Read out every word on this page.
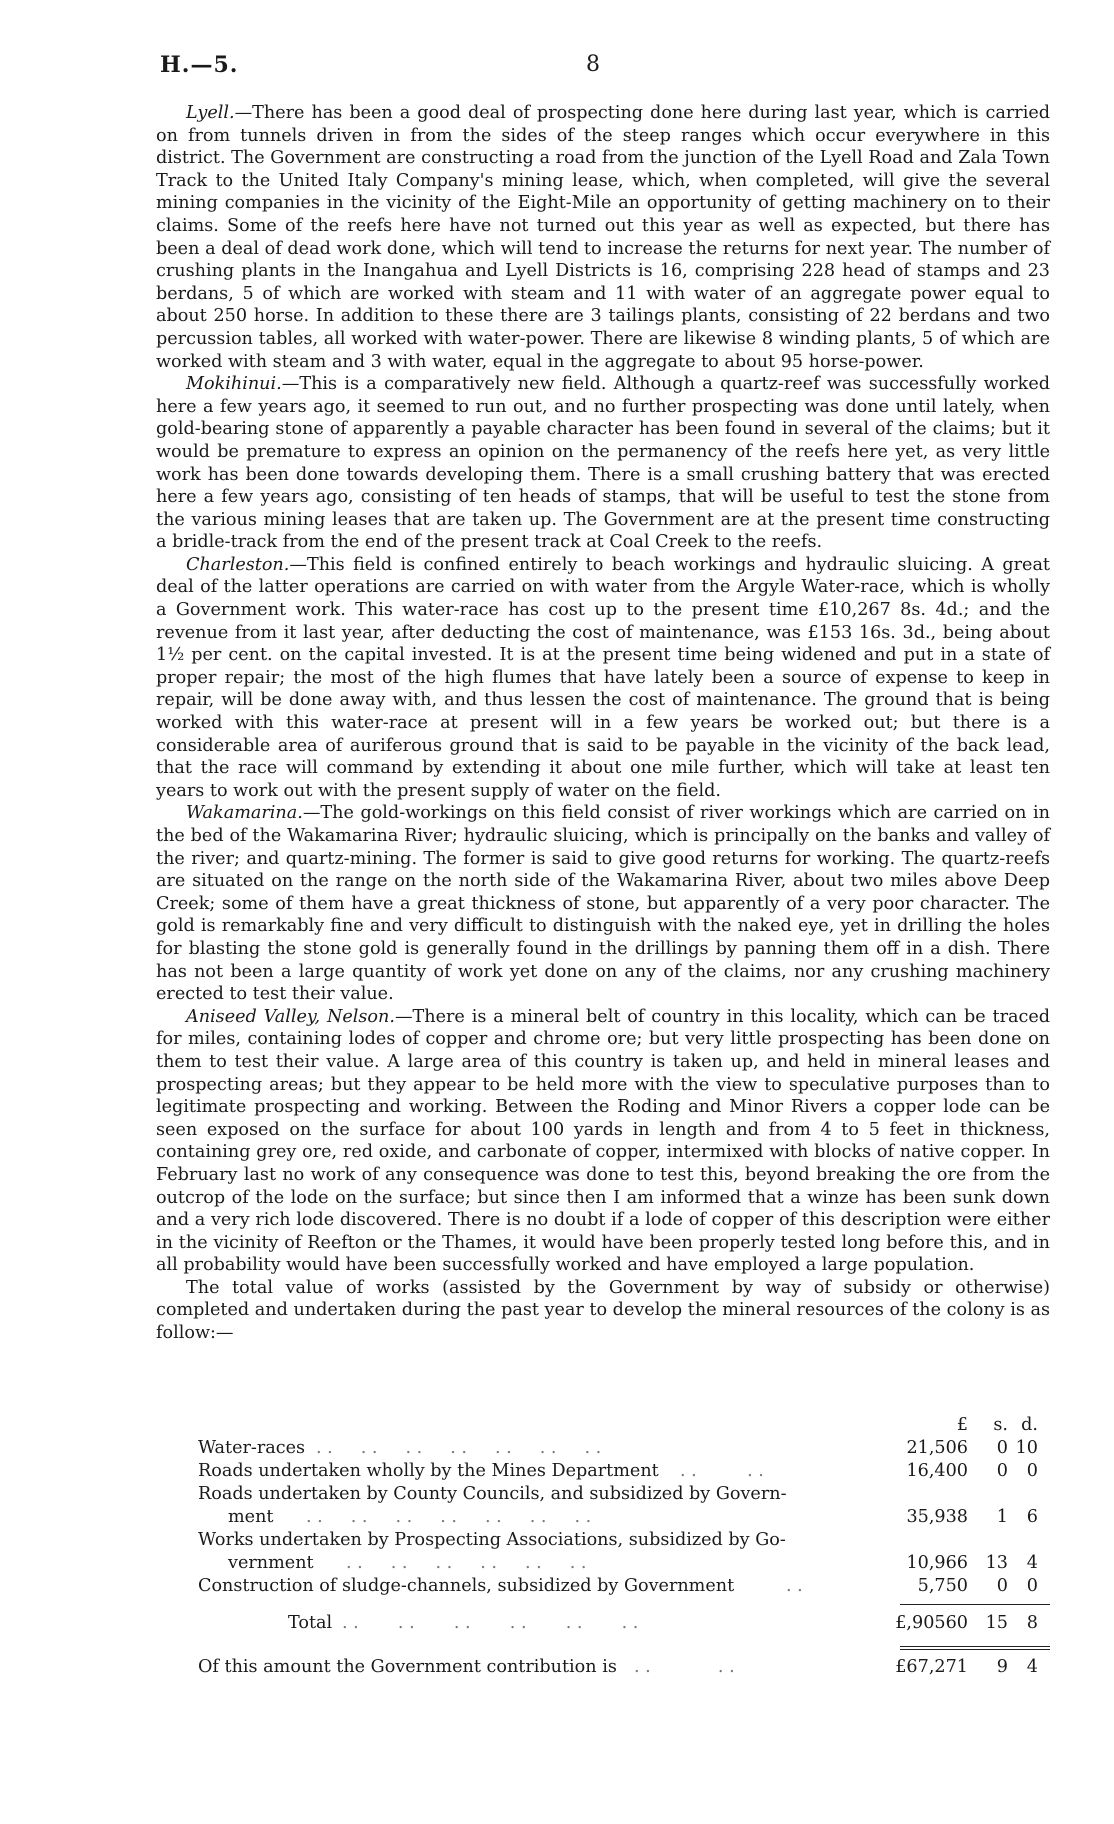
H.—5.	8

Lyell.—There has been a good deal of prospecting done here during last year, which is carried on from tunnels driven in from the sides of the steep ranges which occur everywhere in this district. The Government are constructing a road from the junction of the Lyell Road and Zala Town Track to the United Italy Company's mining lease, which, when completed, will give the several mining companies in the vicinity of the Eight-Mile an opportunity of getting machinery on to their claims. Some of the reefs here have not turned out this year as well as expected, but there has been a deal of dead work done, which will tend to increase the returns for next year. The number of crushing plants in the Inangahua and Lyell Districts is 16, comprising 228 head of stamps and 23 berdans, 5 of which are worked with steam and 11 with water of an aggregate power equal to about 250 horse. In addition to these there are 3 tailings plants, consisting of 22 berdans and two percussion tables, all worked with water-power. There are likewise 8 winding plants, 5 of which are worked with steam and 3 with water, equal in the aggregate to about 95 horse-power.

Mokihinui.—This is a comparatively new field. Although a quartz-reef was successfully worked here a few years ago, it seemed to run out, and no further prospecting was done until lately, when gold-bearing stone of apparently a payable character has been found in several of the claims; but it would be premature to express an opinion on the permanency of the reefs here yet, as very little work has been done towards developing them. There is a small crushing battery that was erected here a few years ago, consisting of ten heads of stamps, that will be useful to test the stone from the various mining leases that are taken up. The Government are at the present time constructing a bridle-track from the end of the present track at Coal Creek to the reefs.

Charleston.—This field is confined entirely to beach workings and hydraulic sluicing. A great deal of the latter operations are carried on with water from the Argyle Water-race, which is wholly a Government work. This water-race has cost up to the present time £10,267 8s. 4d.; and the revenue from it last year, after deducting the cost of maintenance, was £153 16s. 3d., being about 1½ per cent. on the capital invested. It is at the present time being widened and put in a state of proper repair; the most of the high flumes that have lately been a source of expense to keep in repair, will be done away with, and thus lessen the cost of maintenance. The ground that is being worked with this water-race at present will in a few years be worked out; but there is a considerable area of auriferous ground that is said to be payable in the vicinity of the back lead, that the race will command by extending it about one mile further, which will take at least ten years to work out with the present supply of water on the field.

Wakamarina.—The gold-workings on this field consist of river workings which are carried on in the bed of the Wakamarina River; hydraulic sluicing, which is principally on the banks and valley of the river; and quartz-mining. The former is said to give good returns for working. The quartz-reefs are situated on the range on the north side of the Wakamarina River, about two miles above Deep Creek; some of them have a great thickness of stone, but apparently of a very poor character. The gold is remarkably fine and very difficult to distinguish with the naked eye, yet in drilling the holes for blasting the stone gold is generally found in the drillings by panning them off in a dish. There has not been a large quantity of work yet done on any of the claims, nor any crushing machinery erected to test their value.

Aniseed Valley, Nelson.—There is a mineral belt of country in this locality, which can be traced for miles, containing lodes of copper and chrome ore; but very little prospecting has been done on them to test their value. A large area of this country is taken up, and held in mineral leases and prospecting areas; but they appear to be held more with the view to speculative purposes than to legitimate prospecting and working. Between the Roding and Minor Rivers a copper lode can be seen exposed on the surface for about 100 yards in length and from 4 to 5 feet in thickness, containing grey ore, red oxide, and carbonate of copper, intermixed with blocks of native copper. In February last no work of any consequence was done to test this, beyond breaking the ore from the outcrop of the lode on the surface; but since then I am informed that a winze has been sunk down and a very rich lode discovered. There is no doubt if a lode of copper of this description were either in the vicinity of Reefton or the Thames, it would have been properly tested long before this, and in all probability would have been successfully worked and have employed a large population.

The total value of works (assisted by the Government by way of subsidy or otherwise) completed and undertaken during the past year to develop the mineral resources of the colony is as follow:—

£	s. d.
Water-races . .     . .     . .     . .     . .     . .     . .	21,506	0 10
Roads undertaken wholly by the Mines Department . .         . .	16,400	0	0
Roads undertaken by County Councils, and subsidized by Govern-
ment . .     . .     . .     . .     . .     . .     . .	35,938	1	6
Works undertaken by Prospecting Associations, subsidized by Go-
vernment . .     . .     . .     . .     . .     . .	10,966	13	4
Construction of sludge-channels, subsidized by Government	. .	5,750	0	0
Total . .       . .       . .       . .       . .       . .	£,90560	15	8
Of this amount the Government contribution is . .            . .	£67,271	9	4
